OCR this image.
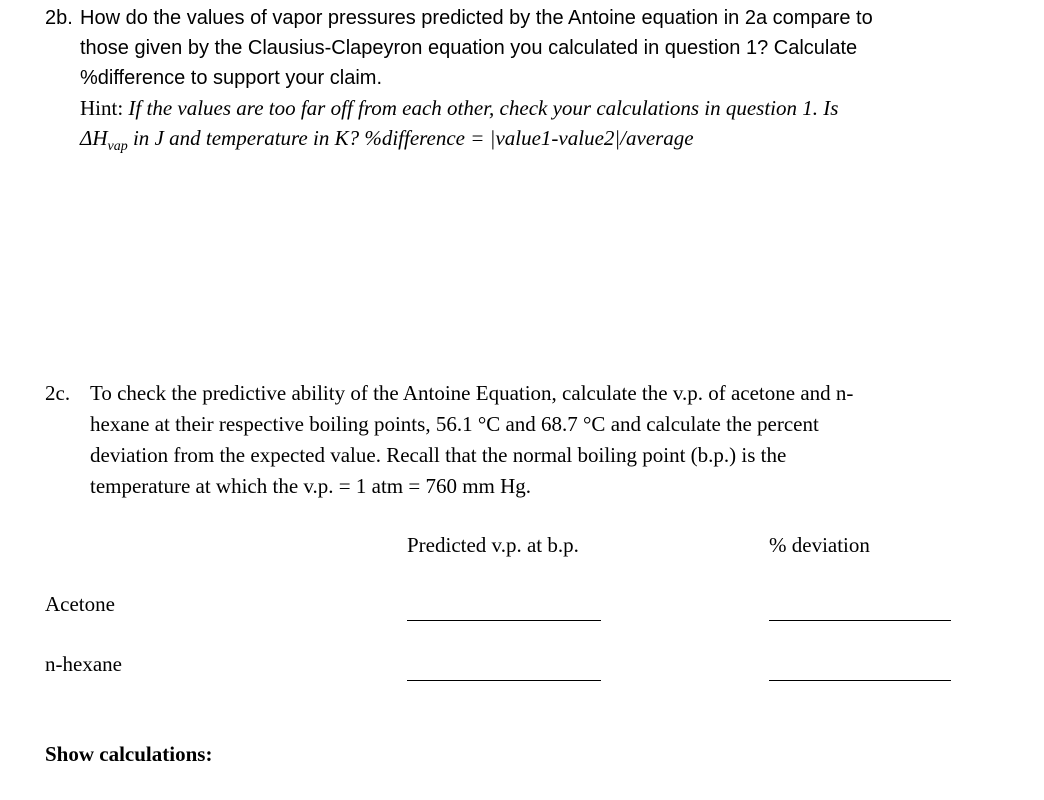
2b. How do the values of vapor pressures predicted by the Antoine equation in 2a compare to
those given by the Clausius-Clapeyron equation you calculated in question 1? Calculate
%difference to support your claim.
Hint: If the values are too far off from each other, check your calculations in question 1. Is
$\Delta H_{vap}$ in J and temperature in K? %difference = |value1-value2|/average
2c. To check the predictive ability of the Antoine Equation, calculate the v.p. of acetone and n-
hexane at their respective boiling points, 56.1 °C and 68.7 °C and calculate the percent
deviation from the expected value. Recall that the normal boiling point (b.p.) is the
temperature at which the v.p. = 1 atm = 760 mm Hg.
Predicted v.p. at b.p.	% deviation
Acetone
n-hexane
Show calculations:
